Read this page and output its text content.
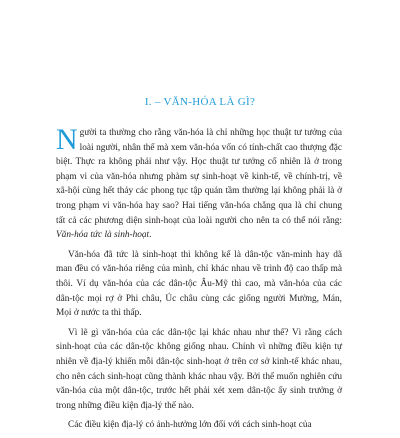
I. – VĂN-HÓA LÀ GÌ?

Người ta thường cho rằng văn-hóa là chỉ những học thuật tư tưởng của loài người, nhân thế mà xem văn-hóa vốn có tính-chất cao thượng đặc biệt. Thực ra không phải như vậy. Học thuật tư tưởng cố nhiên là ở trong phạm vi của văn-hóa nhưng phàm sự sinh-hoạt về kinh-tế, về chính-trị, về xã-hội cùng hết thảy các phong tục tập quán tầm thường lại không phải là ở trong phạm vi văn-hóa hay sao? Hai tiếng văn-hóa chẳng qua là chỉ chung tất cả các phương diện sinh-hoạt của loài người cho nên ta có thể nói rằng: Văn-hóa tức là sinh-hoạt.

Văn-hóa đã tức là sinh-hoạt thì không kể là dân-tộc văn-minh hay dã man đều có văn-hóa riêng của mình, chỉ khác nhau về trình độ cao thấp mà thôi. Ví dụ văn-hóa của các dân-tộc Âu-Mỹ thì cao, mà văn-hóa của các dân-tộc mọi rợ ở Phi châu, Úc châu cùng các giống người Mường, Mán, Mọi ở nước ta thì thấp.

Vì lẽ gì văn-hóa của các dân-tộc lại khác nhau như thế? Vì rằng cách sinh-hoạt của các dân-tộc không giống nhau. Chính vì những điều kiện tự nhiên về địa-lý khiến mỗi dân-tộc sinh-hoạt ở trên cơ sở kinh-tế khác nhau, cho nên cách sinh-hoạt cũng thành khác nhau vậy. Bởi thế muốn nghiên cứu văn-hóa của một dân-tộc, trước hết phải xét xem dân-tộc ấy sinh trưởng ở trong những điều kiện địa-lý thế nào.

Các điều kiện địa-lý có ảnh-hưởng lớn đối với cách sinh-hoạt của
